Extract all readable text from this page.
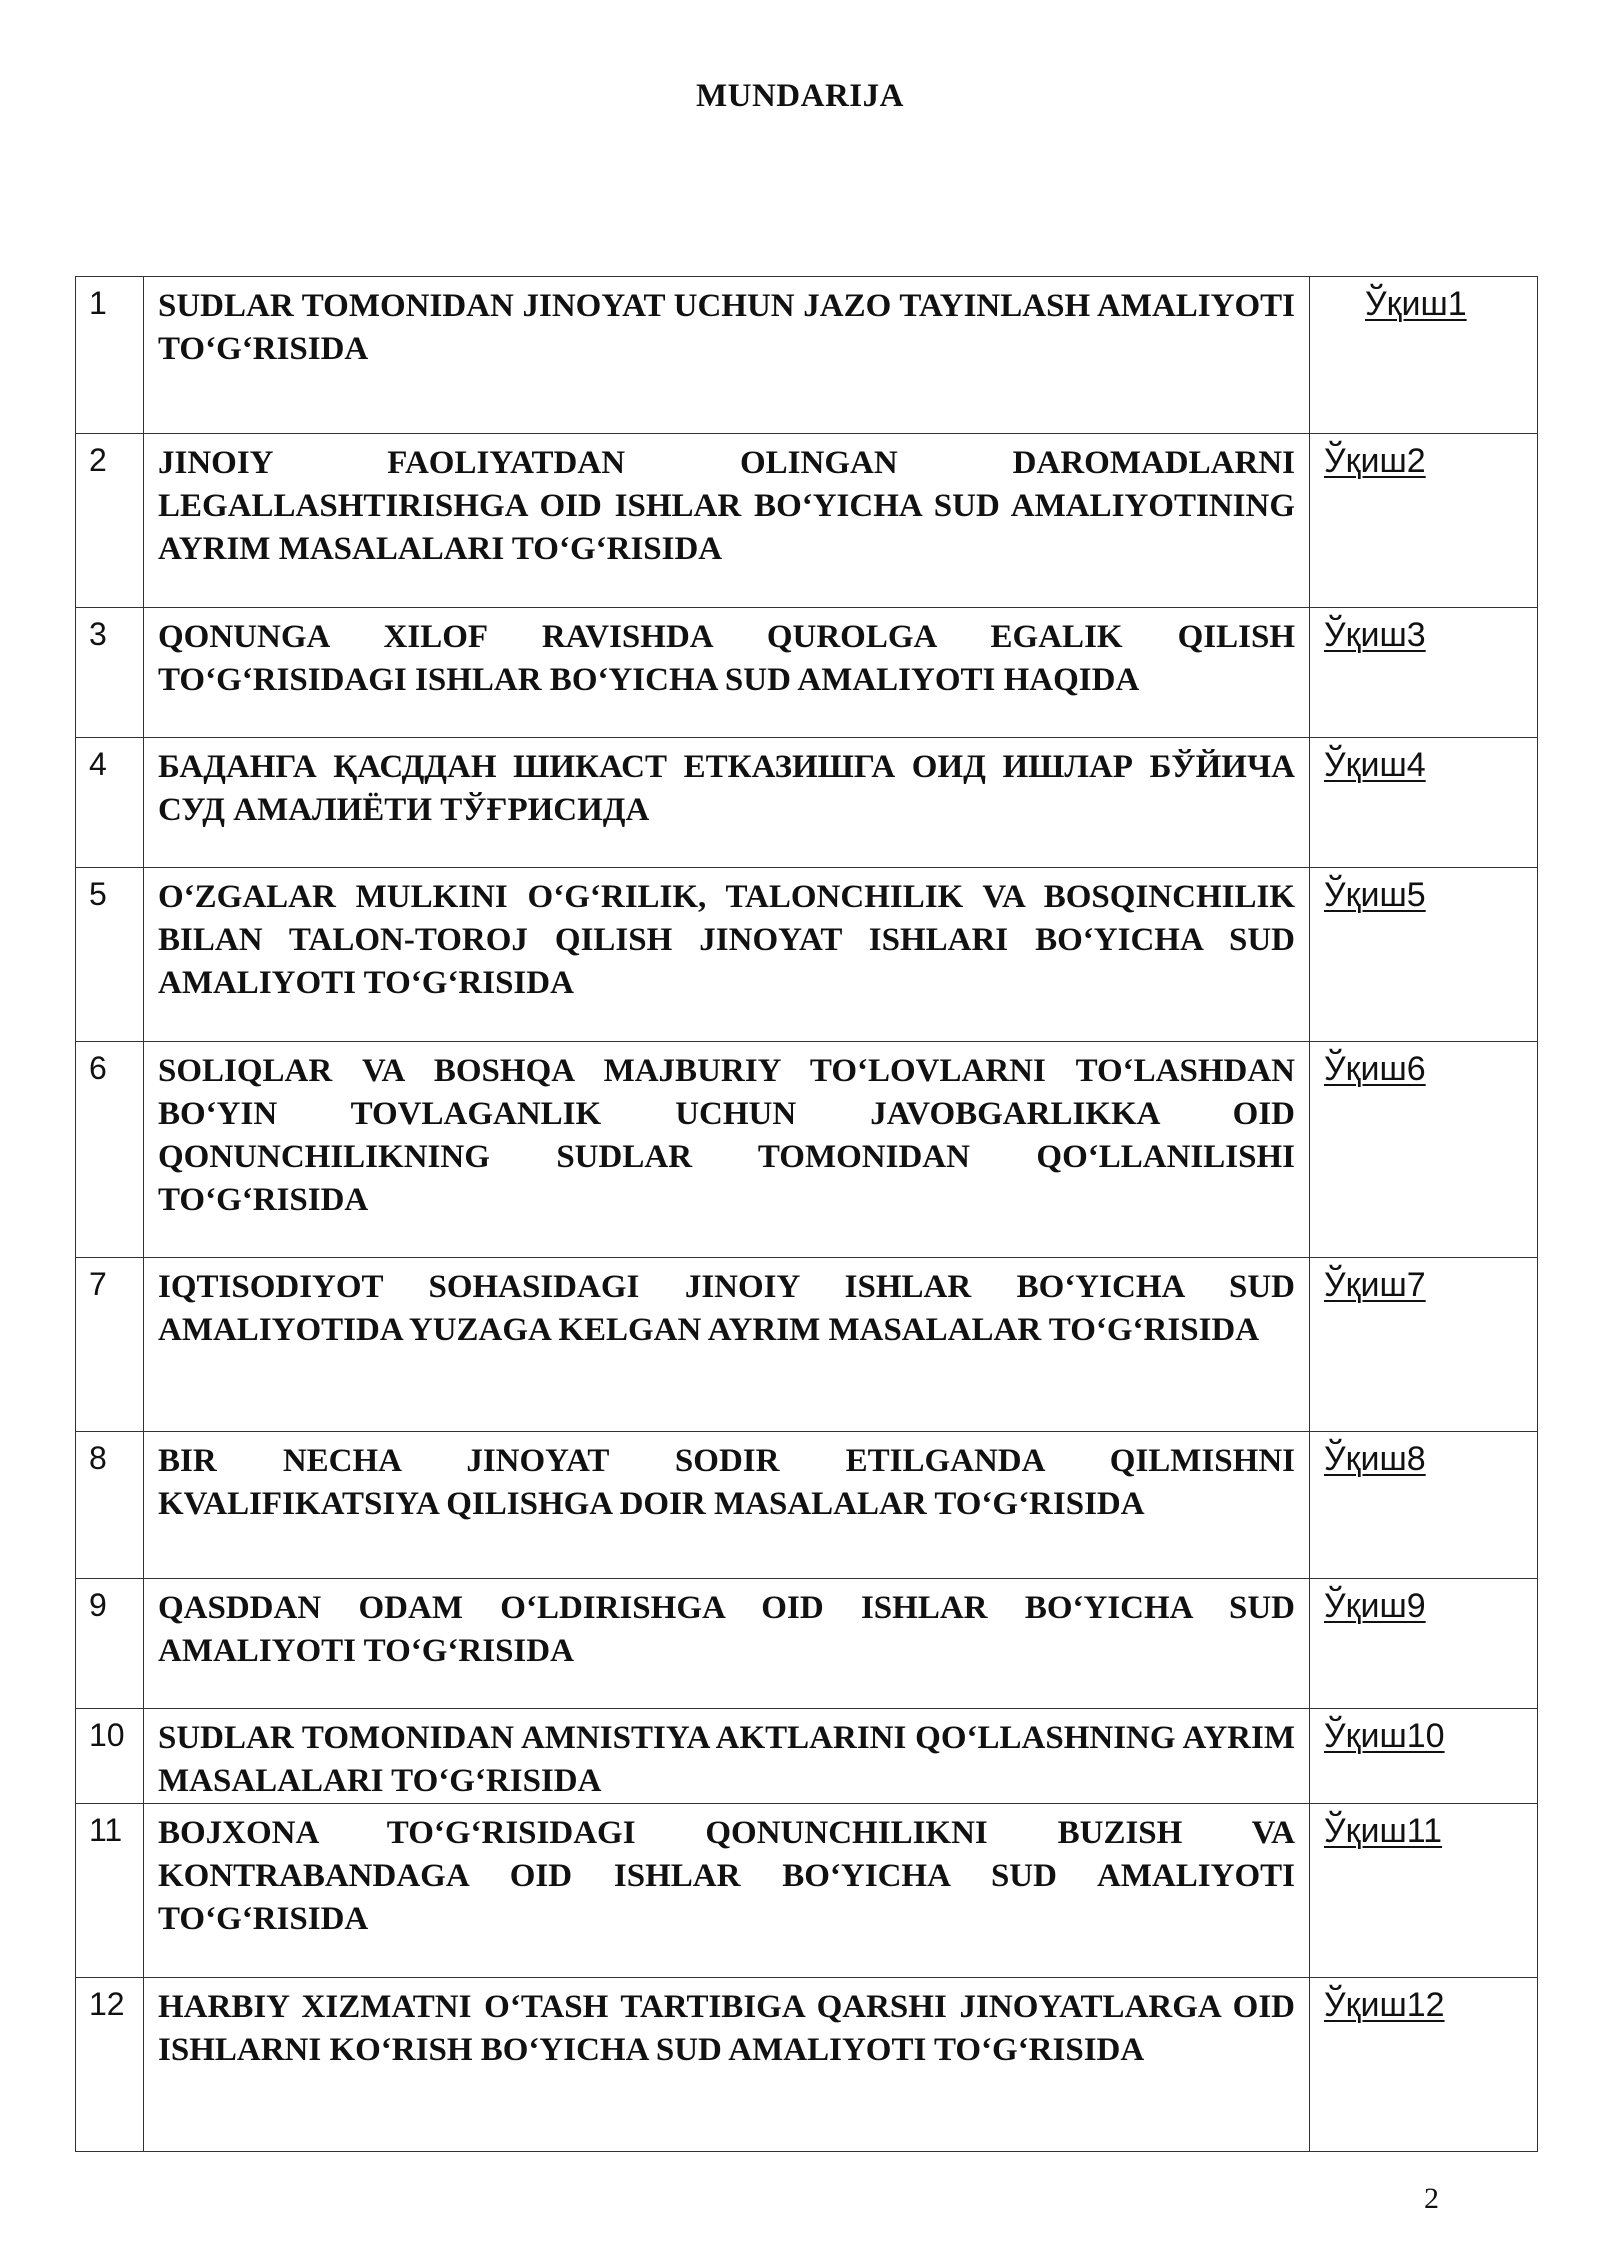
MUNDARIJA
1	SUDLAR TOMONIDAN JINOYAT UCHUN JAZO TAYINLASH AMALIYOTI TO‘G‘RISIDA	Ўқиш1
2	JINOIY FAOLIYATDAN OLINGAN DAROMADLARNI LEGALLASHTIRISHGA OID ISHLAR BO‘YICHA SUD AMALIYOTINING AYRIM MASALALARI TO‘G‘RISIDA	Ўқиш2
3	QONUNGA XILOF RAVISHDA QUROLGA EGALIK QILISH TO‘G‘RISIDAGI ISHLAR BO‘YICHA SUD AMALIYOTI HAQIDA	Ўқиш3
4	БАДАНГА ҚАСДДАН ШИКАСТ ЕТКАЗИШГА ОИД ИШЛАР БЎЙИЧА СУД АМАЛИЁТИ ТЎҒРИСИДА	Ўқиш4
5	O‘ZGALAR MULKINI O‘G‘RILIK, TALONCHILIK VA BOSQINCHILIK BILAN TALON-TOROJ QILISH JINOYAT ISHLARI BO‘YICHA SUD AMALIYOTI TO‘G‘RISIDA	Ўқиш5
6	SOLIQLAR VA BOSHQA MAJBURIY TO‘LOVLARNI TO‘LASHDAN BO‘YIN TOVLAGANLIK UCHUN JAVOBGARLIKKA OID QONUNCHILIKNING SUDLAR TOMONIDAN QO‘LLANILISHI TO‘G‘RISIDA	Ўқиш6
7	IQTISODIYOT SOHASIDAGI JINOIY ISHLAR BO‘YICHA SUD AMALIYOTIDA YUZAGA KELGAN AYRIM MASALALAR TO‘G‘RISIDA	Ўқиш7
8	BIR NECHA JINOYAT SODIR ETILGANDA QILMISHNI KVALIFIKATSIYA QILISHGA DOIR MASALALAR TO‘G‘RISIDA	Ўқиш8
9	QASDDAN ODAM O‘LDIRISHGA OID ISHLAR BO‘YICHA SUD AMALIYOTI TO‘G‘RISIDA	Ўқиш9
10	SUDLAR TOMONIDAN AMNISTIYA AKTLARINI QO‘LLASHNING AYRIM MASALALARI TO‘G‘RISIDA	Ўқиш10
11	BOJXONA TO‘G‘RISIDAGI QONUNCHILIKNI BUZISH VA KONTRABANDAGA OID ISHLAR BO‘YICHA SUD AMALIYOTI TO‘G‘RISIDA	Ўқиш11
12	HARBIY XIZMATNI O‘TASH TARTIBIGA QARSHI JINOYATLARGA OID ISHLARNI KO‘RISH BO‘YICHA SUD AMALIYOTI TO‘G‘RISIDA	Ўқиш12
2
